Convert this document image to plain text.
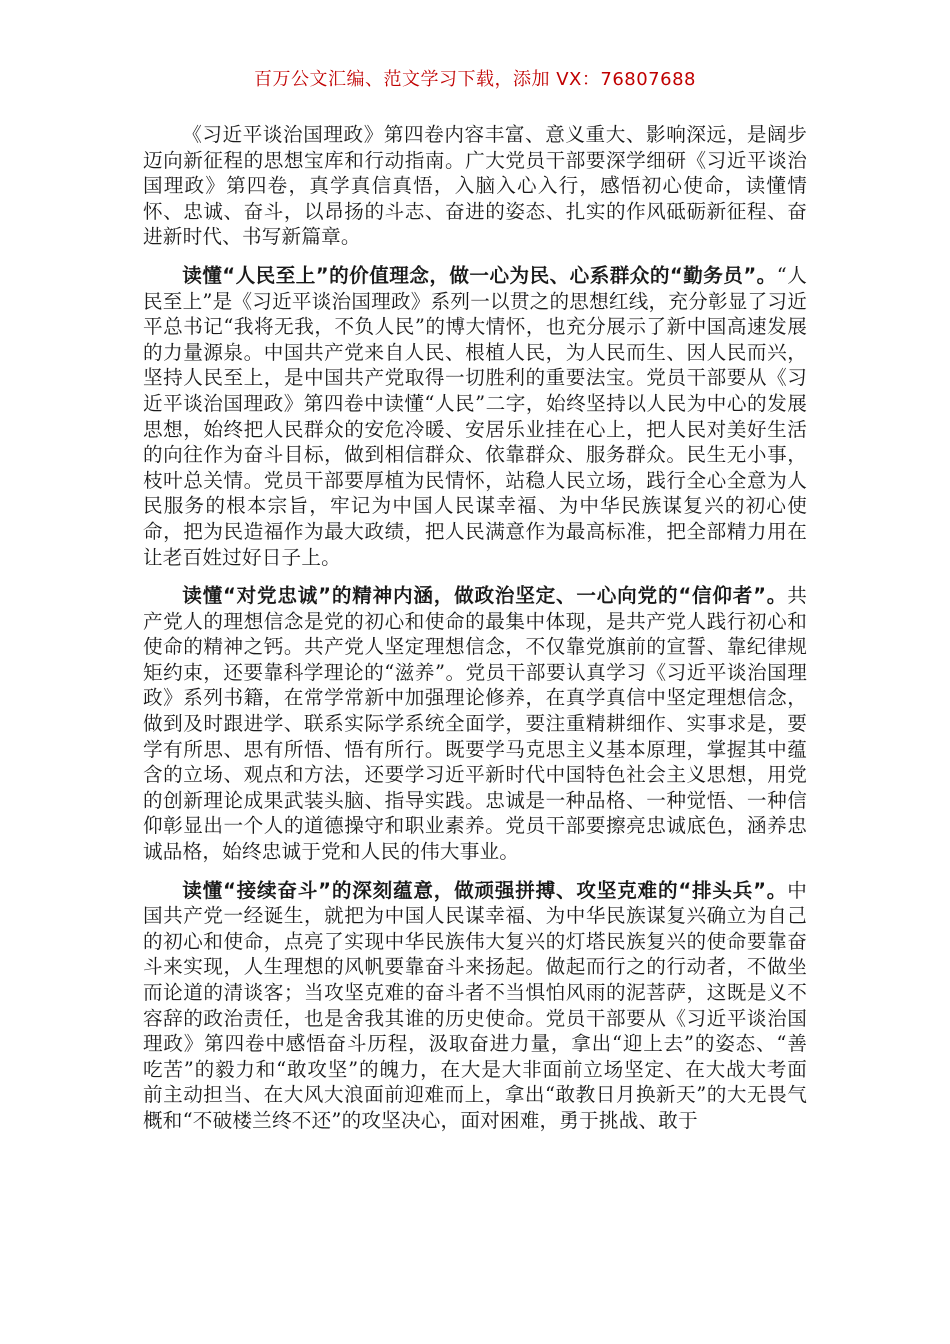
百万公文汇编、范文学习下载，添加 VX：76807688

《习近平谈治国理政》第四卷内容丰富、意义重大、影响深远，是阔步迈向新征程的思想宝库和行动指南。广大党员干部要深学细研《习近平谈治国理政》第四卷，真学真信真悟，入脑入心入行，感悟初心使命，读懂情怀、忠诚、奋斗，以昂扬的斗志、奋进的姿态、扎实的作风砥砺新征程、奋进新时代、书写新篇章。

读懂“人民至上”的价值理念，做一心为民、心系群众的“勤务员”。“人民至上”是《习近平谈治国理政》系列一以贯之的思想红线，充分彰显了习近平总书记“我将无我，不负人民”的博大情怀，也充分展示了新中国高速发展的力量源泉。中国共产党来自人民、根植人民，为人民而生、因人民而兴，坚持人民至上，是中国共产党取得一切胜利的重要法宝。党员干部要从《习近平谈治国理政》第四卷中读懂“人民”二字，始终坚持以人民为中心的发展思想，始终把人民群众的安危冷暖、安居乐业挂在心上，把人民对美好生活的向往作为奋斗目标，做到相信群众、依靠群众、服务群众。民生无小事，枝叶总关情。党员干部要厚植为民情怀，站稳人民立场，践行全心全意为人民服务的根本宗旨，牢记为中国人民谋幸福、为中华民族谋复兴的初心使命，把为民造福作为最大政绩，把人民满意作为最高标准，把全部精力用在让老百姓过好日子上。

读懂“对党忠诚”的精神内涵，做政治坚定、一心向党的“信仰者”。共产党人的理想信念是党的初心和使命的最集中体现，是共产党人践行初心和使命的精神之钙。共产党人坚定理想信念，不仅靠党旗前的宣誓、靠纪律规矩约束，还要靠科学理论的“滋养”。党员干部要认真学习《习近平谈治国理政》系列书籍，在常学常新中加强理论修养，在真学真信中坚定理想信念，做到及时跟进学、联系实际学系统全面学，要注重精耕细作、实事求是，要学有所思、思有所悟、悟有所行。既要学马克思主义基本原理，掌握其中蕴含的立场、观点和方法，还要学习近平新时代中国特色社会主义思想，用党的创新理论成果武装头脑、指导实践。忠诚是一种品格、一种觉悟、一种信仰彰显出一个人的道德操守和职业素养。党员干部要擦亮忠诚底色，涵养忠诚品格，始终忠诚于党和人民的伟大事业。

读懂“接续奋斗”的深刻蕴意，做顽强拼搏、攻坚克难的“排头兵”。中国共产党一经诞生，就把为中国人民谋幸福、为中华民族谋复兴确立为自己的初心和使命，点亮了实现中华民族伟大复兴的灯塔民族复兴的使命要靠奋斗来实现，人生理想的风帆要靠奋斗来扬起。做起而行之的行动者，不做坐而论道的清谈客；当攻坚克难的奋斗者不当惧怕风雨的泥菩萨，这既是义不容辞的政治责任，也是舍我其谁的历史使命。党员干部要从《习近平谈治国理政》第四卷中感悟奋斗历程，汲取奋进力量，拿出“迎上去”的姿态、“善吃苦”的毅力和“敢攻坚”的魄力，在大是大非面前立场坚定、在大战大考面前主动担当、在大风大浪面前迎难而上，拿出“敢教日月换新天”的大无畏气概和“不破楼兰终不还”的攻坚决心，面对困难，勇于挑战、敢于
